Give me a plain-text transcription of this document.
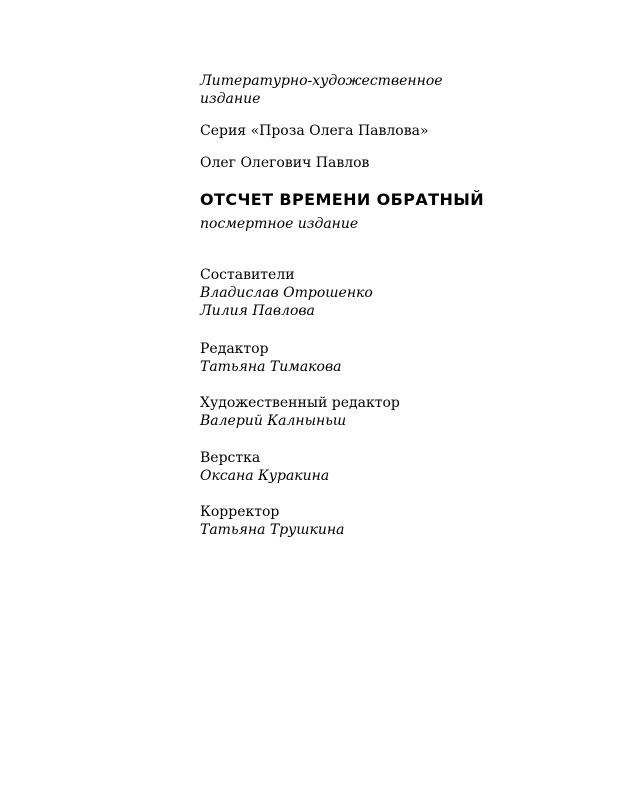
Литературно-художественное
издание
Серия «Проза Олега Павлова»
Олег Олегович Павлов
ОТСЧЕТ ВРЕМЕНИ ОБРАТНЫЙ
посмертное издание
Составители
Владислав Отрошенко
Лилия Павлова
Редактор
Татьяна Тимакова
Художественный редактор
Валерий Калныньш
Верстка
Оксана Куракина
Корректор
Татьяна Трушкина
